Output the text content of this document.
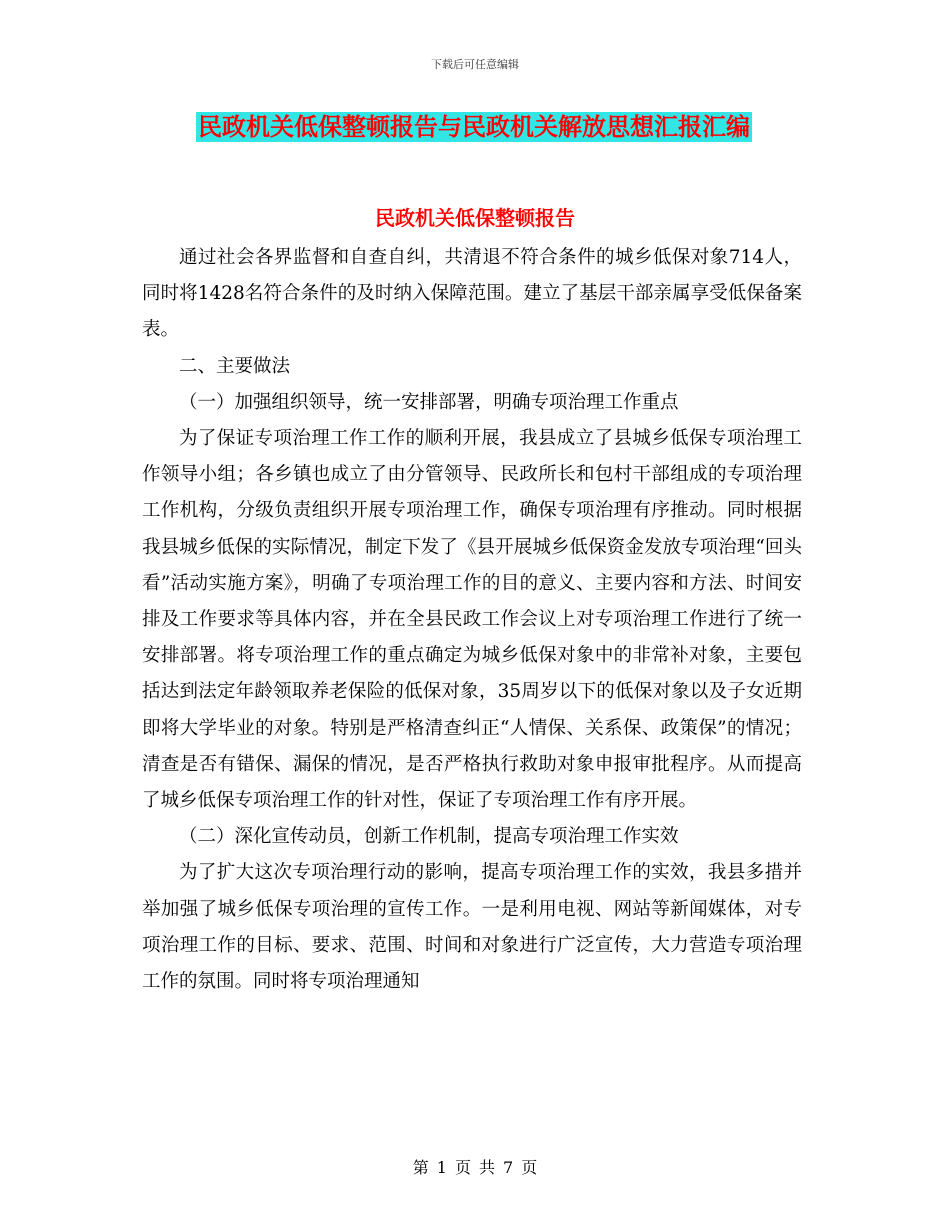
下载后可任意编辑
民政机关低保整顿报告与民政机关解放思想汇报汇编
民政机关低保整顿报告

通过社会各界监督和自查自纠，共清退不符合条件的城乡低保对象714人，同时将1428名符合条件的及时纳入保障范围。建立了基层干部亲属享受低保备案表。

二、主要做法

（一）加强组织领导，统一安排部署，明确专项治理工作重点

为了保证专项治理工作工作的顺利开展，我县成立了县城乡低保专项治理工作领导小组；各乡镇也成立了由分管领导、民政所长和包村干部组成的专项治理工作机构，分级负责组织开展专项治理工作，确保专项治理有序推动。同时根据我县城乡低保的实际情况，制定下发了《县开展城乡低保资金发放专项治理“回头看”活动实施方案》，明确了专项治理工作的目的意义、主要内容和方法、时间安排及工作要求等具体内容，并在全县民政工作会议上对专项治理工作进行了统一安排部署。将专项治理工作的重点确定为城乡低保对象中的非常补对象，主要包括达到法定年龄领取养老保险的低保对象，35周岁以下的低保对象以及子女近期即将大学毕业的对象。特别是严格清查纠正“人情保、关系保、政策保”的情况；清查是否有错保、漏保的情况，是否严格执行救助对象申报审批程序。从而提高了城乡低保专项治理工作的针对性，保证了专项治理工作有序开展。

（二）深化宣传动员，创新工作机制，提高专项治理工作实效

为了扩大这次专项治理行动的影响，提高专项治理工作的实效，我县多措并举加强了城乡低保专项治理的宣传工作。一是利用电视、网站等新闻媒体，对专项治理工作的目标、要求、范围、时间和对象进行广泛宣传，大力营造专项治理工作的氛围。同时将专项治理通知

第 1 页 共 7 页
